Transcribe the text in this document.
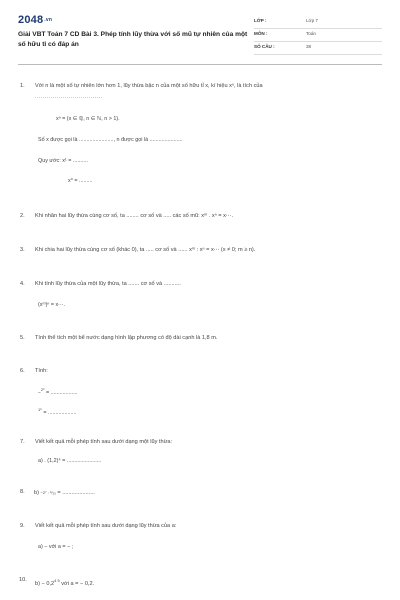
2048.vn
Giải VBT Toán 7 CD Bài 3. Phép tính lũy thừa với số mũ tự nhiên của một số hữu tỉ có đáp án
LỚP :	Lớp 7
MÔN :	Toán
SỐ CÂU :	38
1. Với n là một số tự nhiên lớn hơn 1, lũy thừa bậc n của một số hữu tỉ x, kí hiệu xⁿ, là tích của
..................................
xⁿ = (x ∈ ℚ, n ∈ ℕ, n > 1).
Số x được gọi là ......................., n được gọi là ......................
Quy ước: x¹ = ..........
x⁰ = .........
2. Khi nhân hai lũy thừa cùng cơ số, ta ........ cơ số và ..... các số mũ: xᵐ . xⁿ = x⋯.
3. Khi chia hai lũy thừa cùng cơ số (khác 0), ta ..... cơ số và ...... xᵐ : xⁿ = x⋯ (x ≠ 0; m ≥ n).
4. Khi tính lũy thừa của một lũy thừa, ta ....... cơ số và ...........
(xᵐ)ⁿ = x⋯.
5. Tính thể tích một bể nước dạng hình lập phương có độ dài cạnh là 1,8 m.
6. Tính:
−$^{2^3}$ = ..................
$^{1^5}$ = ...................
7. Viết kết quả mỗi phép tính sau dưới dạng một lũy thừa:
a) . (1,2)⁴ = .......................
8. b) −2⁷ : ⁸/₂₅ = .....................
9. Viết kết quả mỗi phép tính sau dưới dạng lũy thừa của a:
a) − với a = − ;
10.
$b) - 0,2^{4 5}$ với a = − 0,2.
